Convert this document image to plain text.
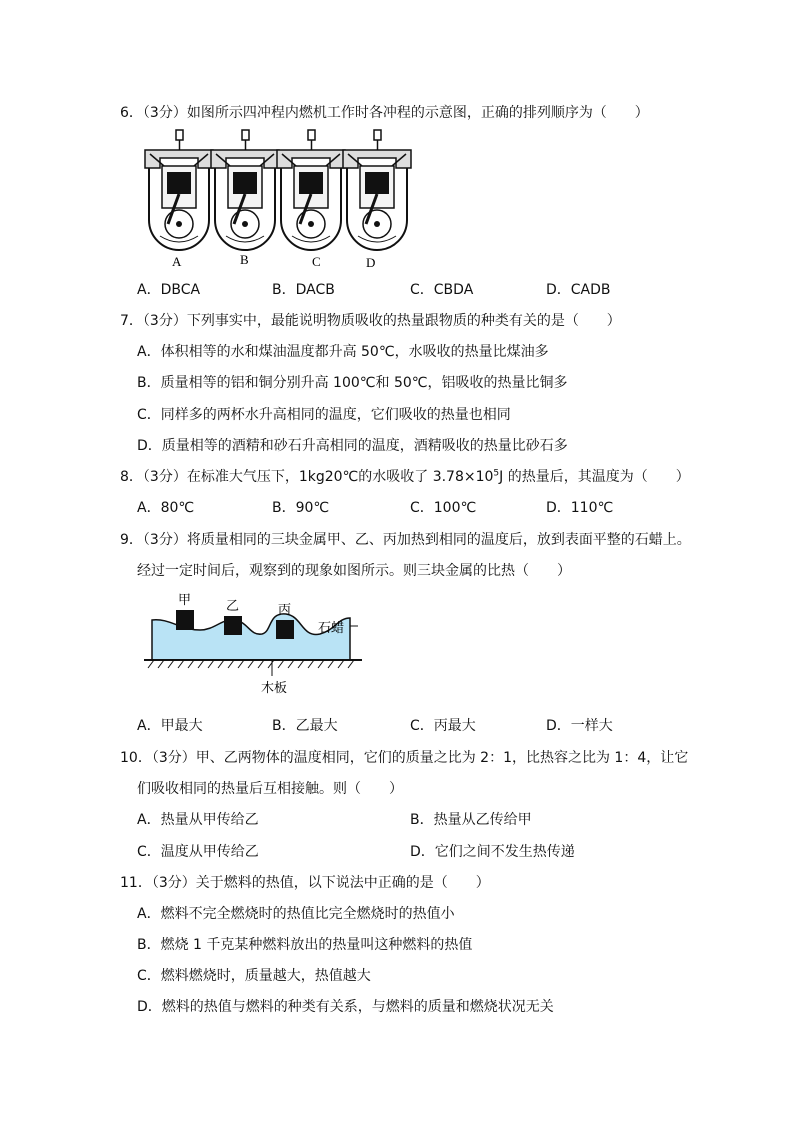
6．（3分）如图所示四冲程内燃机工作时各冲程的示意图，正确的排列顺序为（　　）
A	B	C	D
A．DBCA	B．DACB	C．CBDA	D．CADB
7．（3分）下列事实中，最能说明物质吸收的热量跟物质的种类有关的是（　　）
A．体积相等的水和煤油温度都升高 50℃，水吸收的热量比煤油多
B．质量相等的铝和铜分别升高 100℃和 50℃，铝吸收的热量比铜多
C．同样多的两杯水升高相同的温度，它们吸收的热量也相同
D．质量相等的酒精和砂石升高相同的温度，酒精吸收的热量比砂石多
8．（3分）在标准大气压下，1kg20℃的水吸收了 $3.78\times 10^5J$ 的热量后，其温度为（　　）
A．80℃	B．90℃	C．100℃	D．110℃
9．（3分）将质量相同的三块金属甲、乙、丙加热到相同的温度后，放到表面平整的石蜡上。
经过一定时间后，观察到的现象如图所示。则三块金属的比热（　　）
甲	乙	丙
石蜡
木板
A．甲最大	B．乙最大	C．丙最大	D．一样大
10．（3分）甲、乙两物体的温度相同，它们的质量之比为 2：1，比热容之比为 1：4，让它
们吸收相同的热量后互相接触。则（　　）
A．热量从甲传给乙	B．热量从乙传给甲
C．温度从甲传给乙	D．它们之间不发生热传递
11．（3分）关于燃料的热值，以下说法中正确的是（　　）
A．燃料不完全燃烧时的热值比完全燃烧时的热值小
B．燃烧 1 千克某种燃料放出的热量叫这种燃料的热值
C．燃料燃烧时，质量越大，热值越大
D．燃料的热值与燃料的种类有关系，与燃料的质量和燃烧状况无关
